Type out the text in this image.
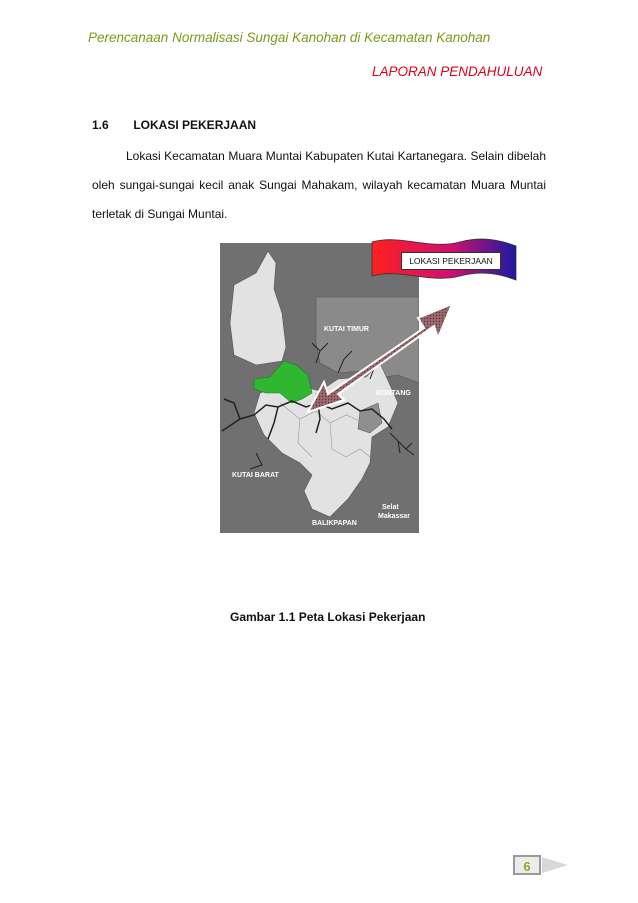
Perencanaan Normalisasi Sungai Kanohan di Kecamatan Kanohan
LAPORAN PENDAHULUAN
1.6 LOKASI PEKERJAAN
Lokasi Kecamatan Muara Muntai Kabupaten Kutai Kartanegara. Selain dibelah
oleh sungai-sungai kecil anak Sungai Mahakam, wilayah kecamatan Muara Muntai
terletak di Sungai Muntai.
KUTAI TIMUR
BONTANG
KUTAI BARAT
BALIKPAPAN
Selat
Makassar
LOKASI PEKERJAAN
Gambar 1.1 Peta Lokasi Pekerjaan
6
